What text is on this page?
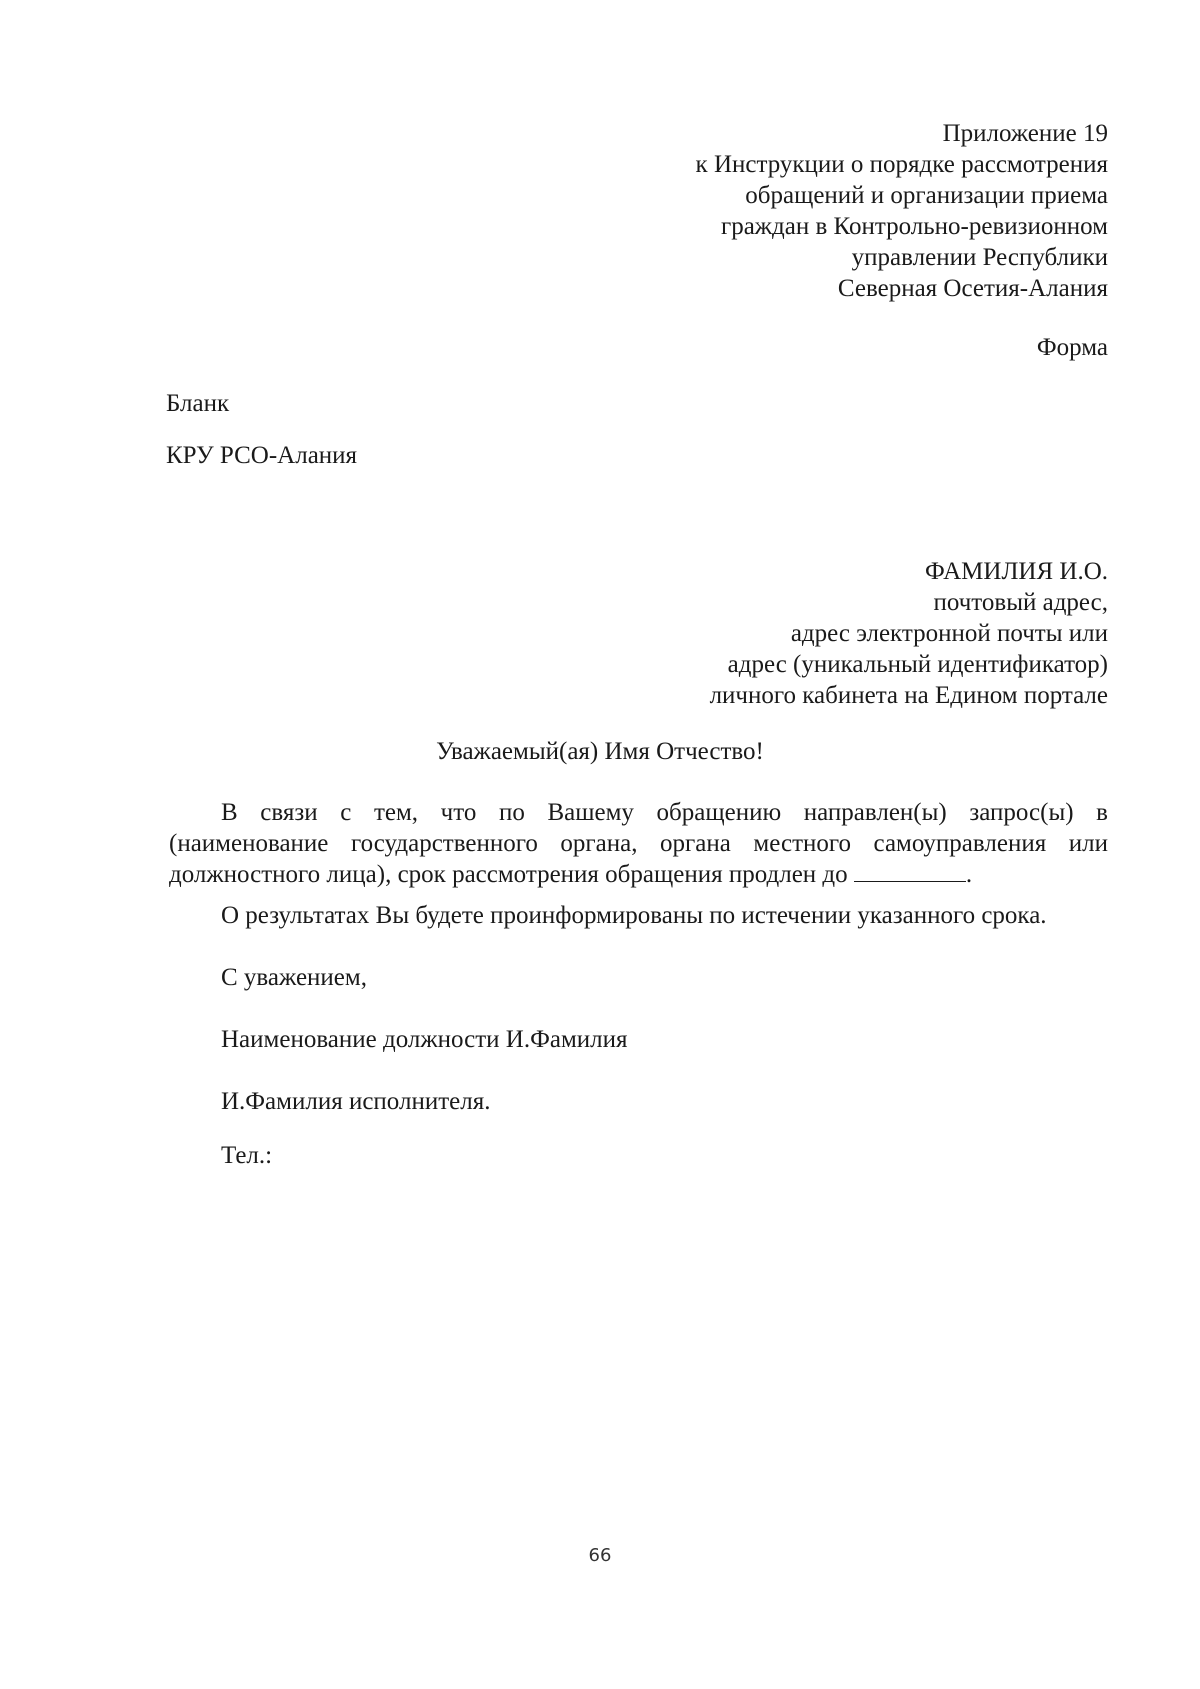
Приложение 19
к Инструкции о порядке рассмотрения
обращений и организации приема
граждан в Контрольно-ревизионном
управлении Республики
Северная Осетия-Алания
Форма
Бланк
КРУ РСО-Алания
ФАМИЛИЯ И.О.
почтовый адрес,
адрес электронной почты или
адрес (уникальный идентификатор)
личного кабинета на Едином портале
Уважаемый(ая) Имя Отчество!
В связи с тем, что по Вашему обращению направлен(ы) запрос(ы) в
(наименование государственного органа, органа местного самоуправления или
должностного лица), срок рассмотрения обращения продлен до	.
О результатах Вы будете проинформированы по истечении указанного срока.
С уважением,
Наименование должности И.Фамилия
И.Фамилия исполнителя.
Тел.:
66
